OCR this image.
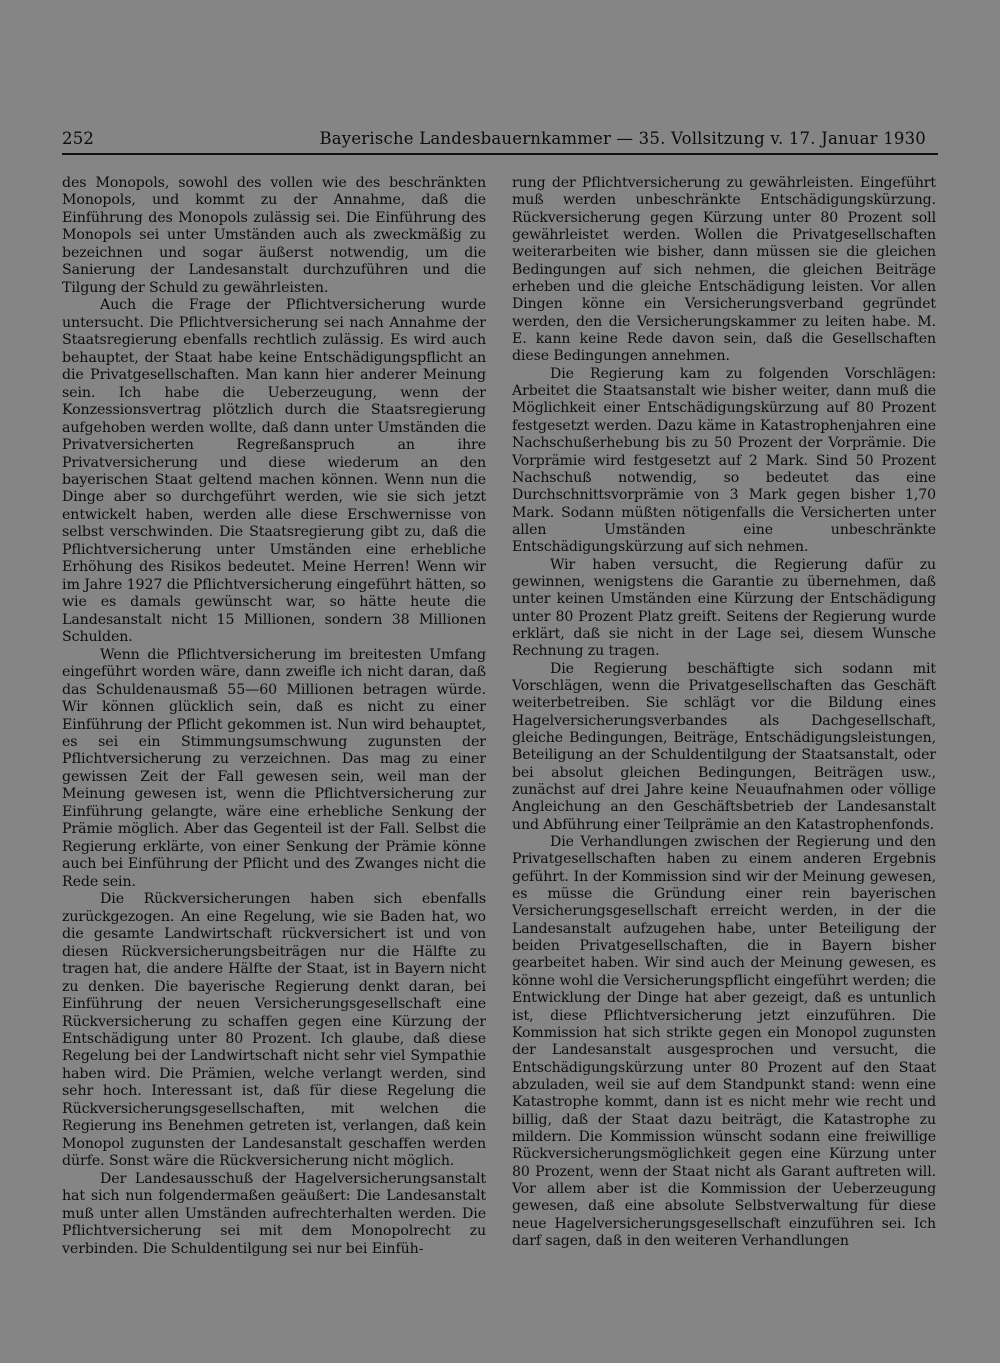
252	Bayerische Landesbauernkammer — 35. Vollsitzung v. 17. Januar 1930

des Monopols, sowohl des vollen wie des beschränkten Monopols, und kommt zu der Annahme, daß die Einführung des Monopols zulässig sei. Die Einführung des Monopols sei unter Umständen auch als zweckmäßig zu bezeichnen und sogar äußerst notwendig, um die Sanierung der Landesanstalt durchzuführen und die Tilgung der Schuld zu gewährleisten.

Auch die Frage der Pflichtversicherung wurde untersucht. Die Pflichtversicherung sei nach Annahme der Staatsregierung ebenfalls rechtlich zulässig. Es wird auch behauptet, der Staat habe keine Entschädigungspflicht an die Privatgesellschaften. Man kann hier anderer Meinung sein. Ich habe die Ueberzeugung, wenn der Konzessionsvertrag plötzlich durch die Staatsregierung aufgehoben werden wollte, daß dann unter Umständen die Privatversicherten Regreßanspruch an ihre Privatversicherung und diese wiederum an den bayerischen Staat geltend machen können. Wenn nun die Dinge aber so durchgeführt werden, wie sie sich jetzt entwickelt haben, werden alle diese Erschwernisse von selbst verschwinden. Die Staatsregierung gibt zu, daß die Pflichtversicherung unter Umständen eine erhebliche Erhöhung des Risikos bedeutet. Meine Herren! Wenn wir im Jahre 1927 die Pflichtversicherung eingeführt hätten, so wie es damals gewünscht war, so hätte heute die Landesanstalt nicht 15 Millionen, sondern 38 Millionen Schulden.

Wenn die Pflichtversicherung im breitesten Umfang eingeführt worden wäre, dann zweifle ich nicht daran, daß das Schuldenausmaß 55—60 Millionen betragen würde. Wir können glücklich sein, daß es nicht zu einer Einführung der Pflicht gekommen ist. Nun wird behauptet, es sei ein Stimmungsumschwung zugunsten der Pflichtversicherung zu verzeichnen. Das mag zu einer gewissen Zeit der Fall gewesen sein, weil man der Meinung gewesen ist, wenn die Pflichtversicherung zur Einführung gelangte, wäre eine erhebliche Senkung der Prämie möglich. Aber das Gegenteil ist der Fall. Selbst die Regierung erklärte, von einer Senkung der Prämie könne auch bei Einführung der Pflicht und des Zwanges nicht die Rede sein.

Die Rückversicherungen haben sich ebenfalls zurückgezogen. An eine Regelung, wie sie Baden hat, wo die gesamte Landwirtschaft rückversichert ist und von diesen Rückversicherungsbeiträgen nur die Hälfte zu tragen hat, die andere Hälfte der Staat, ist in Bayern nicht zu denken. Die bayerische Regierung denkt daran, bei Einführung der neuen Versicherungsgesellschaft eine Rückversicherung zu schaffen gegen eine Kürzung der Entschädigung unter 80 Prozent. Ich glaube, daß diese Regelung bei der Landwirtschaft nicht sehr viel Sympathie haben wird. Die Prämien, welche verlangt werden, sind sehr hoch. Interessant ist, daß für diese Regelung die Rückversicherungsgesellschaften, mit welchen die Regierung ins Benehmen getreten ist, verlangen, daß kein Monopol zugunsten der Landesanstalt geschaffen werden dürfe. Sonst wäre die Rückversicherung nicht möglich.

Der Landesausschuß der Hagelversicherungsanstalt hat sich nun folgendermaßen geäußert: Die Landesanstalt muß unter allen Umständen aufrechterhalten werden. Die Pflichtversicherung sei mit dem Monopolrecht zu verbinden. Die Schuldentilgung sei nur bei Einfüh-

rung der Pflichtversicherung zu gewährleisten. Eingeführt muß werden unbeschränkte Entschädigungskürzung. Rückversicherung gegen Kürzung unter 80 Prozent soll gewährleistet werden. Wollen die Privatgesellschaften weiterarbeiten wie bisher, dann müssen sie die gleichen Bedingungen auf sich nehmen, die gleichen Beiträge erheben und die gleiche Entschädigung leisten. Vor allen Dingen könne ein Versicherungsverband gegründet werden, den die Versicherungskammer zu leiten habe. M. E. kann keine Rede davon sein, daß die Gesellschaften diese Bedingungen annehmen.

Die Regierung kam zu folgenden Vorschlägen: Arbeitet die Staatsanstalt wie bisher weiter, dann muß die Möglichkeit einer Entschädigungskürzung auf 80 Prozent festgesetzt werden. Dazu käme in Katastrophenjahren eine Nachschußerhebung bis zu 50 Prozent der Vorprämie. Die Vorprämie wird festgesetzt auf 2 Mark. Sind 50 Prozent Nachschuß notwendig, so bedeutet das eine Durchschnittsvorprämie von 3 Mark gegen bisher 1,70 Mark. Sodann müßten nötigenfalls die Versicherten unter allen Umständen eine unbeschränkte Entschädigungskürzung auf sich nehmen.

Wir haben versucht, die Regierung dafür zu gewinnen, wenigstens die Garantie zu übernehmen, daß unter keinen Umständen eine Kürzung der Entschädigung unter 80 Prozent Platz greift. Seitens der Regierung wurde erklärt, daß sie nicht in der Lage sei, diesem Wunsche Rechnung zu tragen.

Die Regierung beschäftigte sich sodann mit Vorschlägen, wenn die Privatgesellschaften das Geschäft weiterbetreiben. Sie schlägt vor die Bildung eines Hagelversicherungsverbandes als Dachgesellschaft, gleiche Bedingungen, Beiträge, Entschädigungsleistungen, Beteiligung an der Schuldentilgung der Staatsanstalt, oder bei absolut gleichen Bedingungen, Beiträgen usw., zunächst auf drei Jahre keine Neuaufnahmen oder völlige Angleichung an den Geschäftsbetrieb der Landesanstalt und Abführung einer Teilprämie an den Katastrophenfonds.

Die Verhandlungen zwischen der Regierung und den Privatgesellschaften haben zu einem anderen Ergebnis geführt. In der Kommission sind wir der Meinung gewesen, es müsse die Gründung einer rein bayerischen Versicherungsgesellschaft erreicht werden, in der die Landesanstalt aufzugehen habe, unter Beteiligung der beiden Privatgesellschaften, die in Bayern bisher gearbeitet haben. Wir sind auch der Meinung gewesen, es könne wohl die Versicherungspflicht eingeführt werden; die Entwicklung der Dinge hat aber gezeigt, daß es untunlich ist, diese Pflichtversicherung jetzt einzuführen. Die Kommission hat sich strikte gegen ein Monopol zugunsten der Landesanstalt ausgesprochen und versucht, die Entschädigungskürzung unter 80 Prozent auf den Staat abzuladen, weil sie auf dem Standpunkt stand: wenn eine Katastrophe kommt, dann ist es nicht mehr wie recht und billig, daß der Staat dazu beiträgt, die Katastrophe zu mildern. Die Kommission wünscht sodann eine freiwillige Rückversicherungsmöglichkeit gegen eine Kürzung unter 80 Prozent, wenn der Staat nicht als Garant auftreten will. Vor allem aber ist die Kommission der Ueberzeugung gewesen, daß eine absolute Selbstverwaltung für diese neue Hagelversicherungsgesellschaft einzuführen sei. Ich darf sagen, daß in den weiteren Verhandlungen
